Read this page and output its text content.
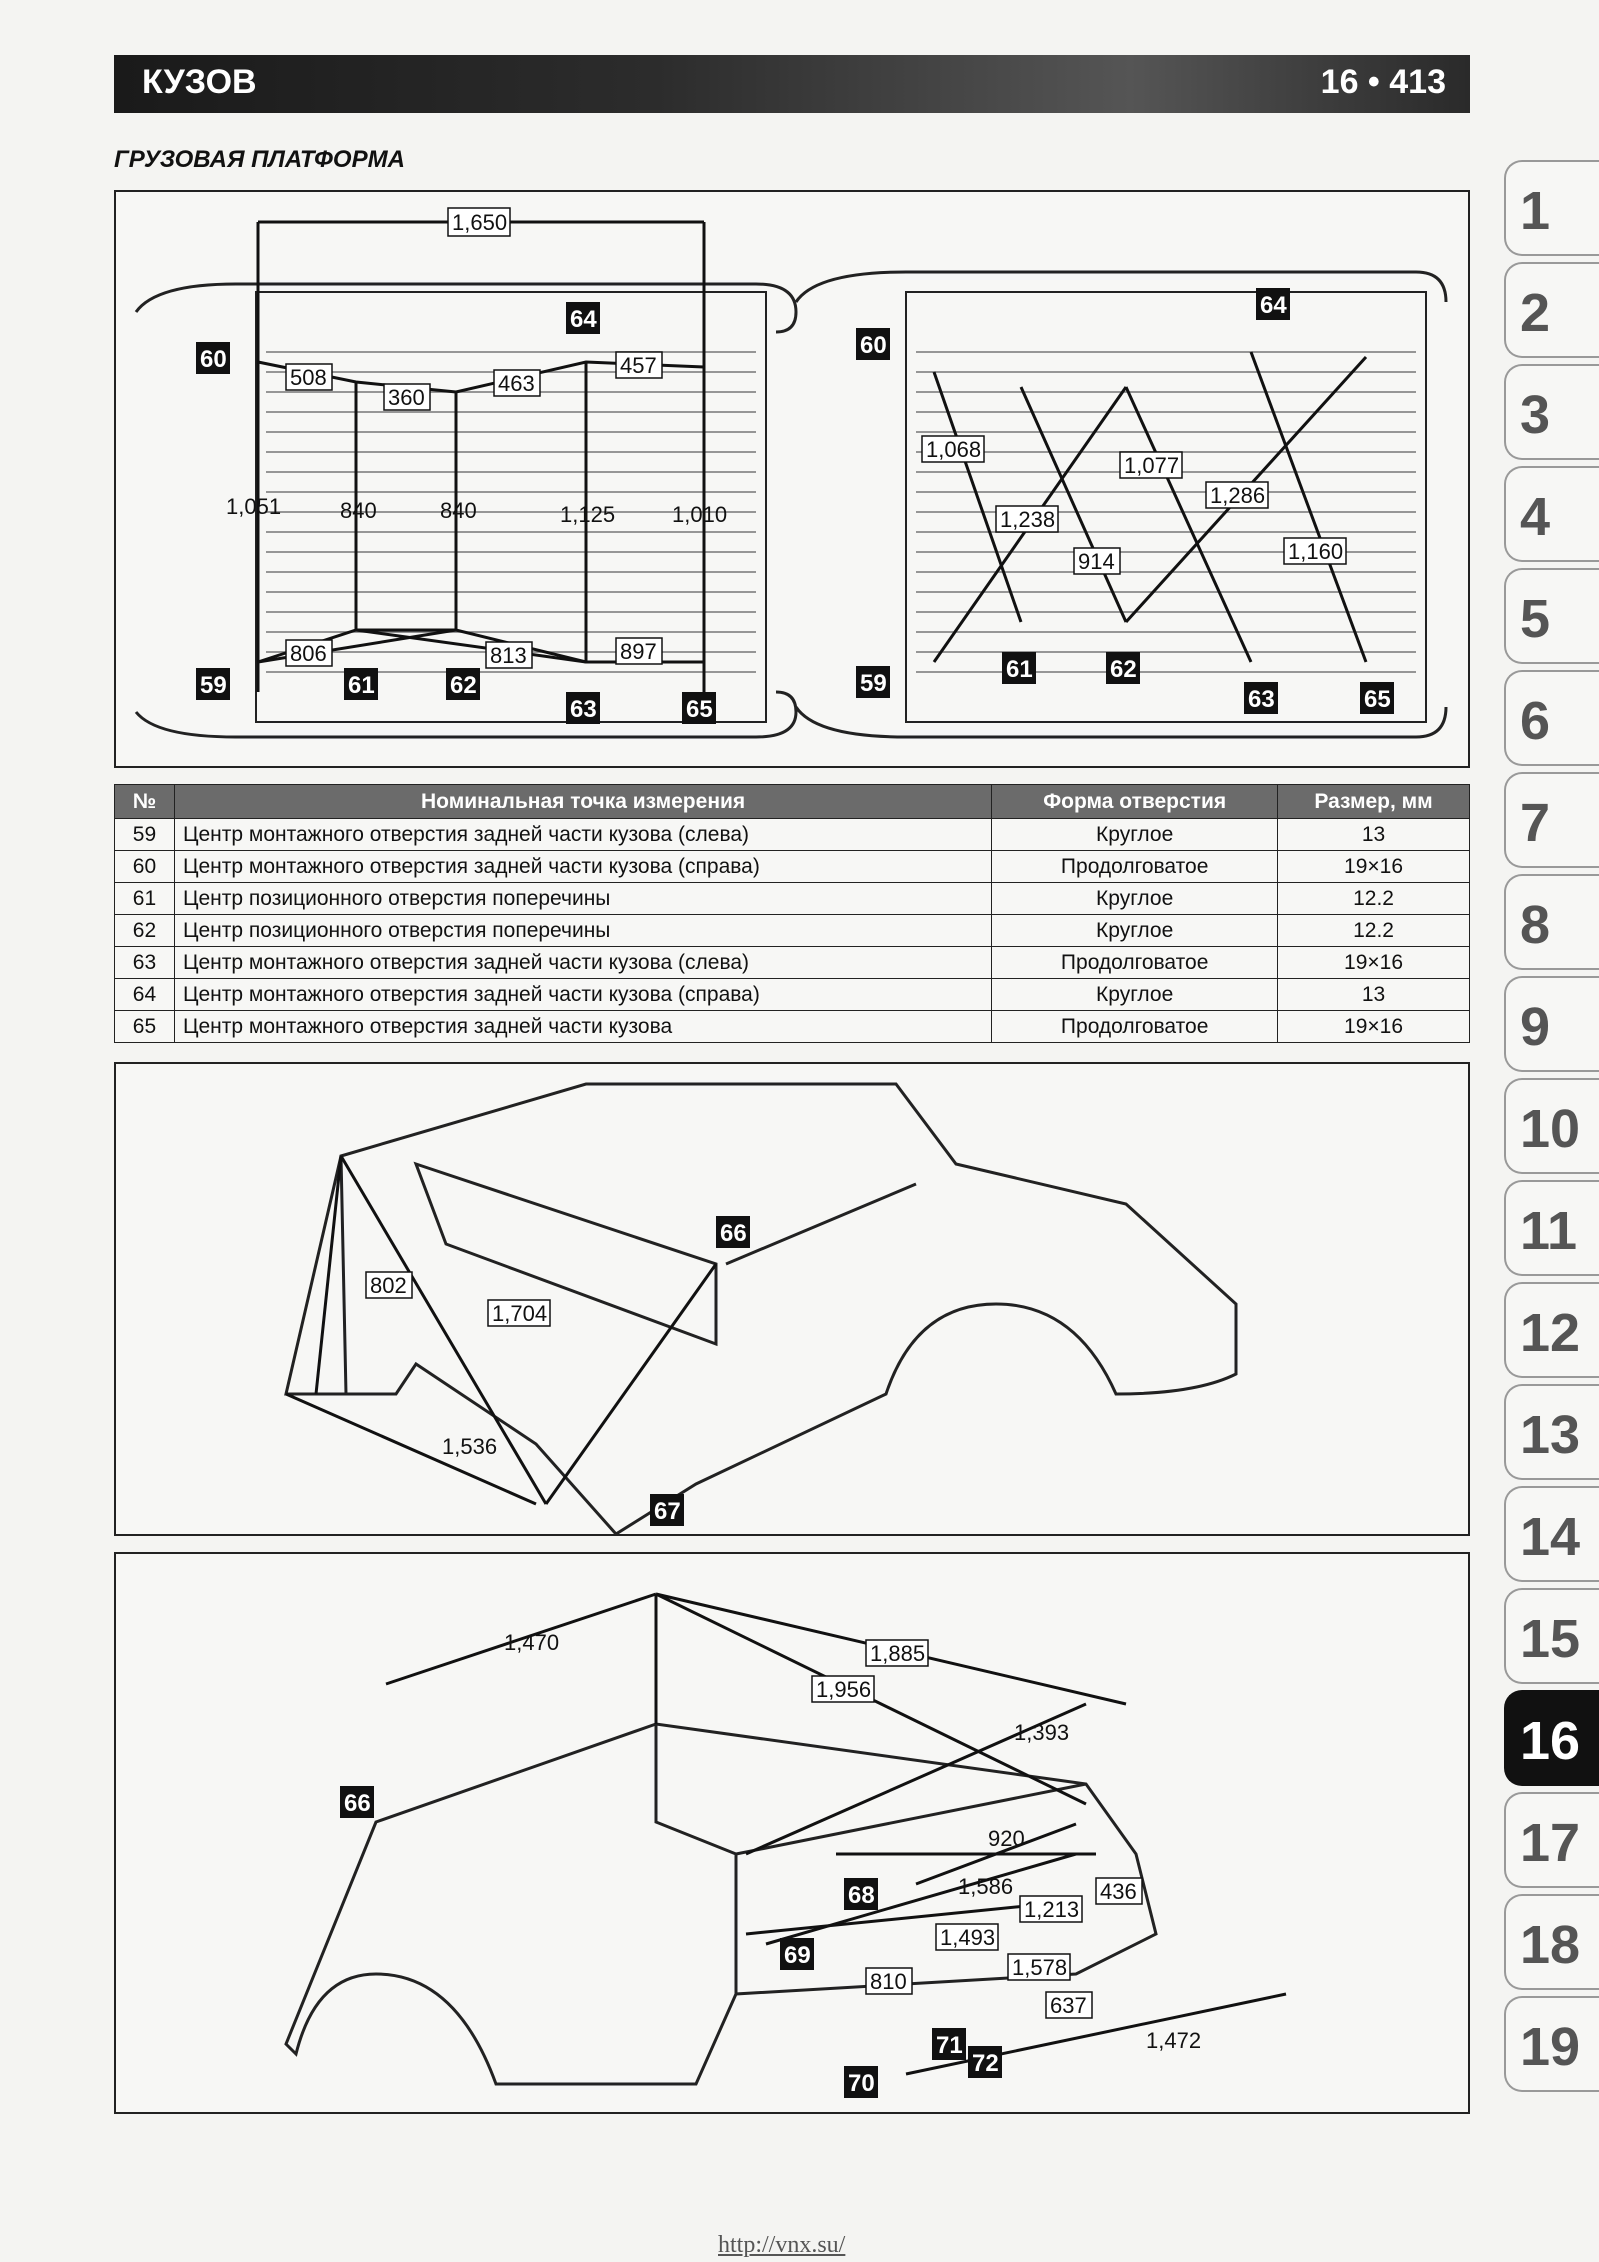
КУЗОВ	16 • 413
ГРУЗОВАЯ ПЛАТФОРМА
60
59	61	62
63
64
65
1,650
508
360
463
457
1,051	840	840	1,125	1,010
806	813	897
60
59
61	62
63
64
65
1,068
1,077
1,286
1,238
914	1,160
№	Номинальная точка измерения	Форма отверстия	Размер, мм
59	Центр монтажного отверстия задней части кузова (слева)	Круглое	13
60	Центр монтажного отверстия задней части кузова (справа)	Продолговатое	19×16
61	Центр позиционного отверстия поперечины	Круглое	12.2
62	Центр позиционного отверстия поперечины	Круглое	12.2
63	Центр монтажного отверстия задней части кузова (слева)	Продолговатое	19×16
64	Центр монтажного отверстия задней части кузова (справа)	Круглое	13
65	Центр монтажного отверстия задней части кузова	Продолговатое	19×16
802
1,704
1,536
66
67
1,470	1,885
1,956
1,393
920
1,586
1,213
436
1,493
810
1,578
637
1,472
66
68
69
70
71
72
1
2
3
4
5
6
7
8
9
10
11
12
13
14
15
16
17
18
19
http://vnx.su/
